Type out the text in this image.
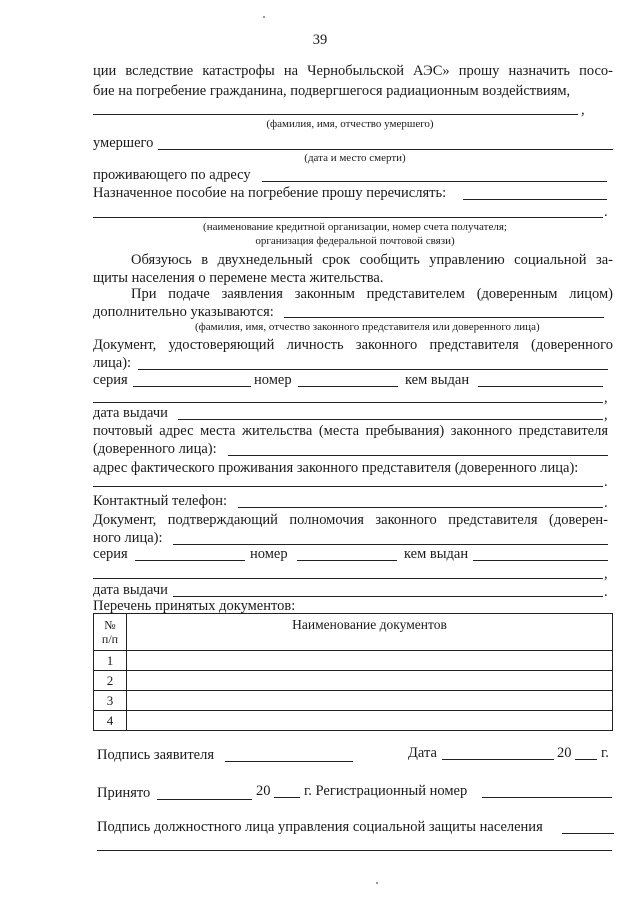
39
ции вследствие катастрофы на Чернобыльской АЭС» прошу назначить посо-
бие на погребение гражданина, подвергшегося радиационным воздействиям,
,
(фамилия, имя, отчество умершего)
умершего
(дата и место смерти)
проживающего по адресу
Назначенное пособие на погребение прошу перечислять:
.
(наименование кредитной организации, номер счета получателя;
организация федеральной почтовой связи)
Обязуюсь в двухнедельный срок сообщить управлению социальной за-
щиты населения о перемене места жительства.
При подаче заявления законным представителем (доверенным лицом)
дополнительно указываются:
(фамилия, имя, отчество законного представителя или доверенного лица)
Документ, удостоверяющий личность законного представителя (доверенного
лица):
серия	номер	кем выдан
,
дата выдачи	,
почтовый адрес места жительства (места пребывания) законного представителя
(доверенного лица):
адрес фактического проживания законного представителя (доверенного лица):
.
Контактный телефон:	.
Документ, подтверждающий полномочия законного представителя (доверен-
ного лица):
серия	номер	кем выдан
,
дата выдачи	.
Перечень принятых документов:
№
п/п	Наименование документов
1	
2	
3	
4	
Подпись заявителя	Дата	20 г.
Принято	20 г. Регистрационный номер
Подпись должностного лица управления социальной защиты населения
